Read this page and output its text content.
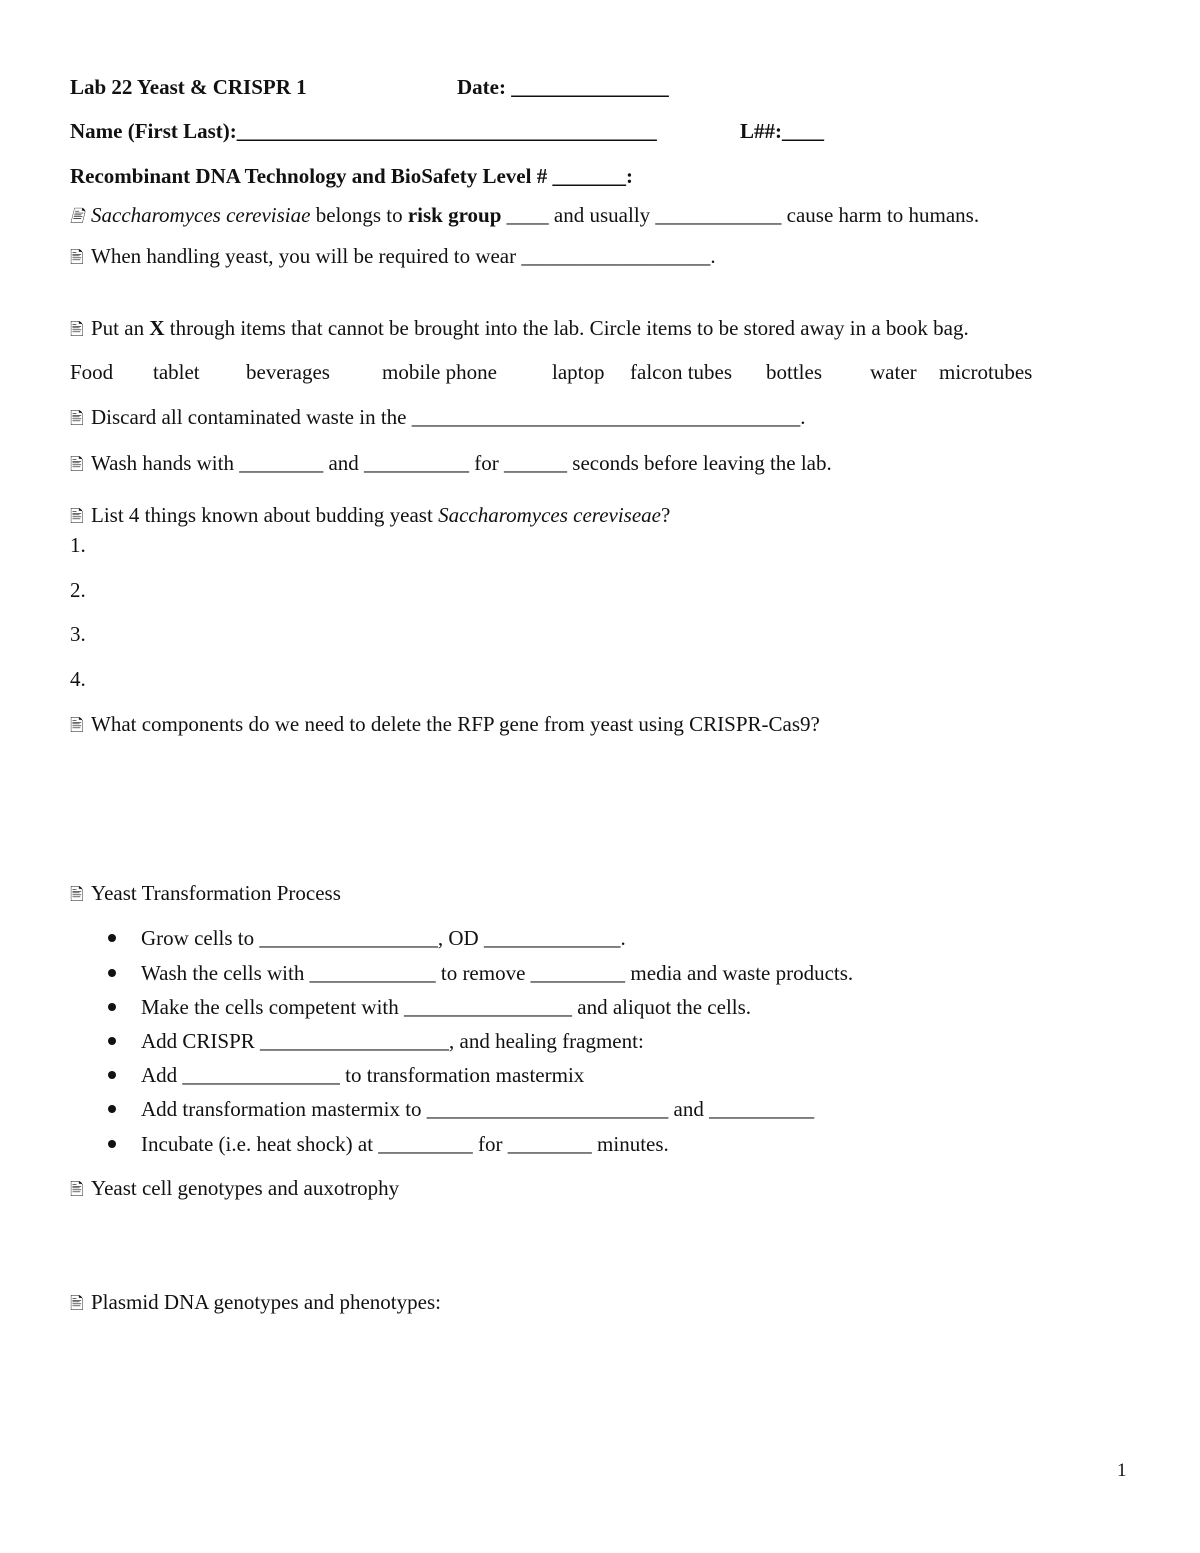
Lab 22 Yeast & CRISPR 1	Date: _______________
Name (First Last):________________________________________	L##:____
Recombinant DNA Technology and BioSafety Level # _______:
🖹 Saccharomyces cerevisiae belongs to risk group ____ and usually ____________ cause harm to humans.
🖹 When handling yeast, you will be required to wear __________________.
🖹 Put an X through items that cannot be brought into the lab. Circle items to be stored away in a book bag.
Food tablet beverages mobile phone	laptop falcon tubes bottles water microtubes
🖹 Discard all contaminated waste in the _____________________________________.
🖹 Wash hands with ________ and __________ for ______ seconds before leaving the lab.
🖹 List 4 things known about budding yeast Saccharomyces cereviseae?
1.
2.
3.
4.
🖹 What components do we need to delete the RFP gene from yeast using CRISPR-Cas9?
🖹 Yeast Transformation Process
Grow cells to _________________, OD _____________.
Wash the cells with ____________ to remove _________ media and waste products.
Make the cells competent with ________________ and aliquot the cells.
Add CRISPR __________________, and healing fragment:
Add _______________ to transformation mastermix
Add transformation mastermix to _______________________ and __________
Incubate (i.e. heat shock) at _________ for ________ minutes.
🖹 Yeast cell genotypes and auxotrophy
🖹 Plasmid DNA genotypes and phenotypes:
1
